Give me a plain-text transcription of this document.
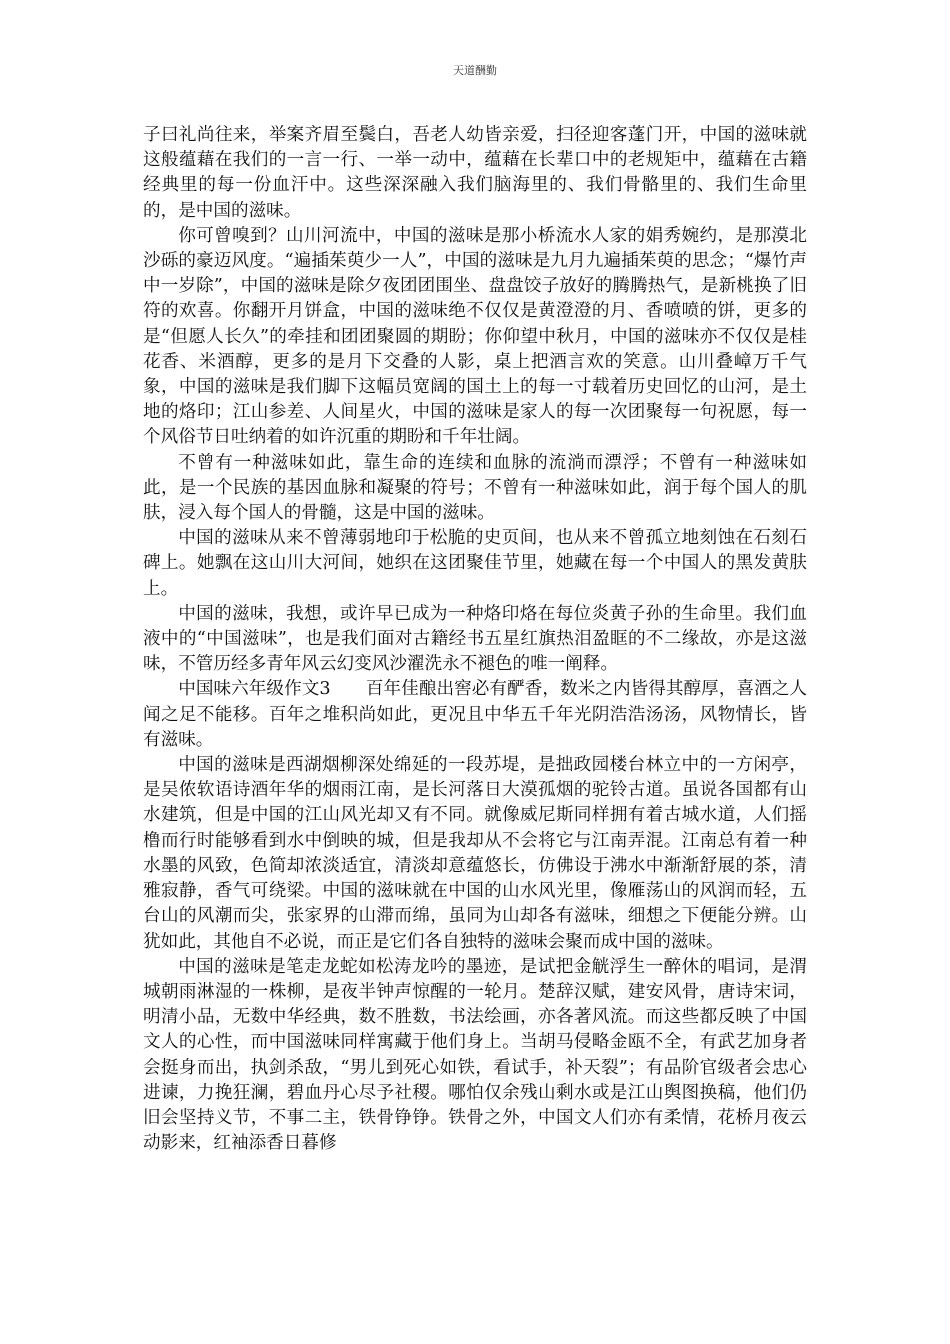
天道酬勤

子曰礼尚往来，举案齐眉至鬓白，吾老人幼皆亲爱，扫径迎客蓬门开，中国的滋味就这般蕴藉在我们的一言一行、一举一动中，蕴藉在长辈口中的老规矩中，蕴藉在古籍经典里的每一份血汗中。这些深深融入我们脑海里的、我们骨骼里的、我们生命里的，是中国的滋味。

你可曾嗅到？山川河流中，中国的滋味是那小桥流水人家的娟秀婉约，是那漠北沙砾的豪迈风度。“遍插茱萸少一人”，中国的滋味是九月九遍插茱萸的思念；“爆竹声中一岁除”，中国的滋味是除夕夜团团围坐、盘盘饺子放好的腾腾热气，是新桃换了旧符的欢喜。你翻开月饼盒，中国的滋味绝不仅仅是黄澄澄的月、香喷喷的饼，更多的是“但愿人长久”的牵挂和团团聚圆的期盼；你仰望中秋月，中国的滋味亦不仅仅是桂花香、米酒醇，更多的是月下交叠的人影，桌上把酒言欢的笑意。山川叠嶂万千气象，中国的滋味是我们脚下这幅员宽阔的国土上的每一寸载着历史回忆的山河，是土地的烙印；江山参差、人间星火，中国的滋味是家人的每一次团聚每一句祝愿，每一个风俗节日吐纳着的如许沉重的期盼和千年壮阔。

不曾有一种滋味如此，靠生命的连续和血脉的流淌而漂浮；不曾有一种滋味如此，是一个民族的基因血脉和凝聚的符号；不曾有一种滋味如此，润于每个国人的肌肤，浸入每个国人的骨髓，这是中国的滋味。

中国的滋味从来不曾薄弱地印于松脆的史页间，也从来不曾孤立地刻蚀在石刻石碑上。她飘在这山川大河间，她织在这团聚佳节里，她藏在每一个中国人的黑发黄肤上。

中国的滋味，我想，或许早已成为一种烙印烙在每位炎黄子孙的生命里。我们血液中的“中国滋味”，也是我们面对古籍经书五星红旗热泪盈眶的不二缘故，亦是这滋味，不管历经多青年风云幻变风沙濯洗永不褪色的唯一阐释。

中国味六年级作文3　　百年佳酿出窖必有酽香，数米之内皆得其醇厚，喜酒之人闻之足不能移。百年之堆积尚如此，更况且中华五千年光阴浩浩汤汤，风物情长，皆有滋味。

中国的滋味是西湖烟柳深处绵延的一段苏堤，是拙政园楼台林立中的一方闲亭，是吴侬软语诗酒年华的烟雨江南，是长河落日大漠孤烟的驼铃古道。虽说各国都有山水建筑，但是中国的江山风光却又有不同。就像威尼斯同样拥有着古城水道，人们摇橹而行时能够看到水中倒映的城，但是我却从不会将它与江南弄混。江南总有着一种水墨的风致，色简却浓淡适宜，清淡却意蕴悠长，仿佛设于沸水中渐渐舒展的茶，清雅寂静，香气可绕梁。中国的滋味就在中国的山水风光里，像雁荡山的风润而轻，五台山的风潮而尖，张家界的山滞而绵，虽同为山却各有滋味，细想之下便能分辨。山犹如此，其他自不必说，而正是它们各自独特的滋味会聚而成中国的滋味。

中国的滋味是笔走龙蛇如松涛龙吟的墨迹，是试把金觥浮生一醉休的唱词，是渭城朝雨淋湿的一株柳，是夜半钟声惊醒的一轮月。楚辞汉赋，建安风骨，唐诗宋词，明清小品，无数中华经典，数不胜数，书法绘画，亦各著风流。而这些都反映了中国文人的心性，而中国滋味同样寓藏于他们身上。当胡马侵略金瓯不全，有武艺加身者会挺身而出，执剑杀敌，“男儿到死心如铁，看试手，补天裂”；有品阶官级者会忠心进谏，力挽狂澜，碧血丹心尽予社稷。哪怕仅余残山剩水或是江山舆图换稿，他们仍旧会坚持义节，不事二主，铁骨铮铮。铁骨之外，中国文人们亦有柔情，花桥月夜云动影来，红袖添香日暮修
